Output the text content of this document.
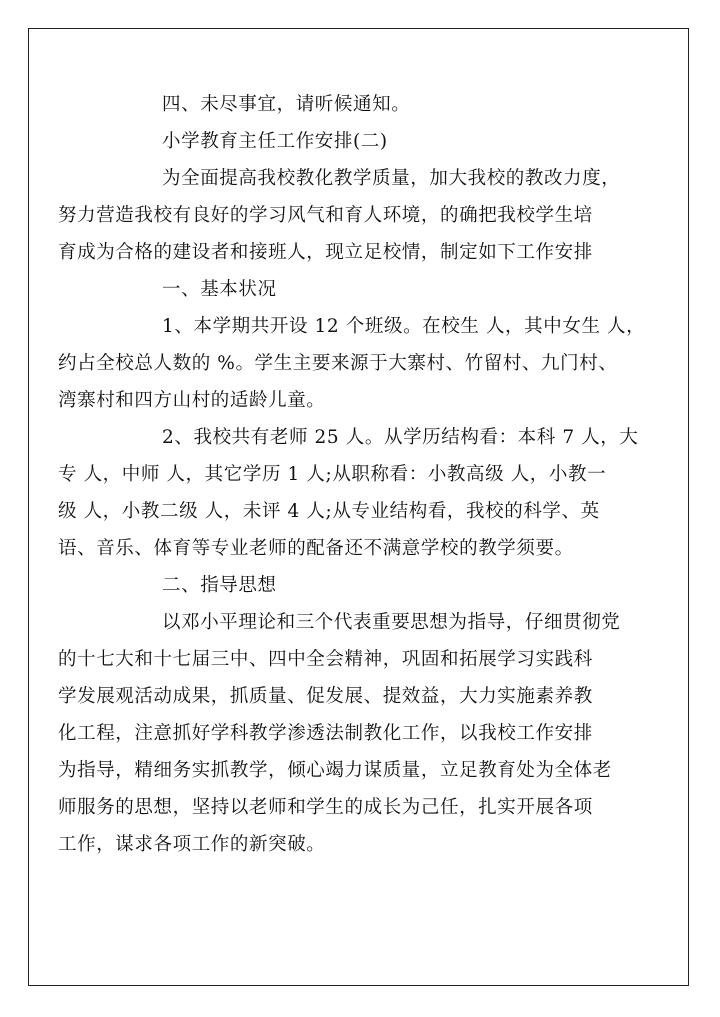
四、未尽事宜，请听候通知。
小学教育主任工作安排(二)
为全面提高我校教化教学质量，加大我校的教改力度，
努力营造我校有良好的学习风气和育人环境，的确把我校学生培
育成为合格的建设者和接班人，现立足校情，制定如下工作安排
一、基本状况
1、本学期共开设 12 个班级。在校生 人，其中女生 人，
约占全校总人数的 %。学生主要来源于大寨村、竹留村、九门村、
湾寨村和四方山村的适龄儿童。
2、我校共有老师 25 人。从学历结构看：本科 7 人，大
专 人，中师 人，其它学历 1 人;从职称看：小教高级 人，小教一
级 人，小教二级 人，未评 4 人;从专业结构看，我校的科学、英
语、音乐、体育等专业老师的配备还不满意学校的教学须要。
二、指导思想
以邓小平理论和三个代表重要思想为指导，仔细贯彻党
的十七大和十七届三中、四中全会精神，巩固和拓展学习实践科
学发展观活动成果，抓质量、促发展、提效益，大力实施素养教
化工程，注意抓好学科教学渗透法制教化工作，以我校工作安排
为指导，精细务实抓教学，倾心竭力谋质量，立足教育处为全体老
师服务的思想，坚持以老师和学生的成长为己任，扎实开展各项
工作，谋求各项工作的新突破。
